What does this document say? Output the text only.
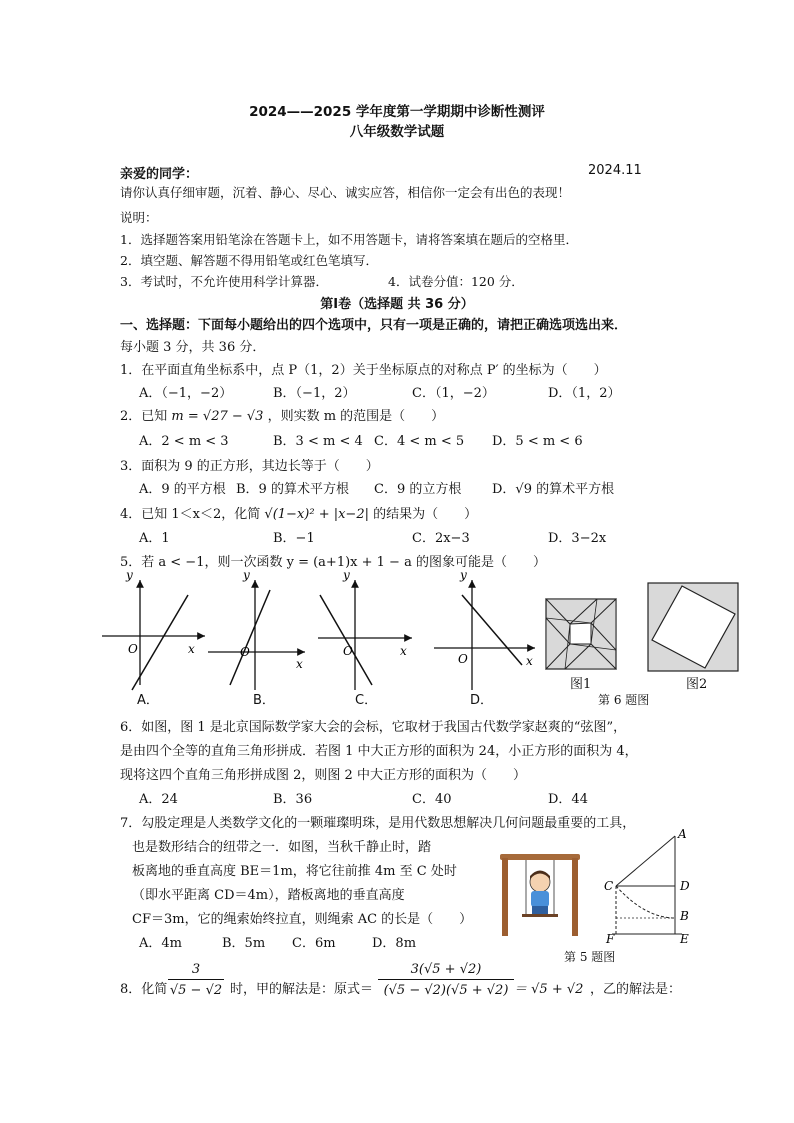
2024——2025 学年度第一学期期中诊断性测评
八年级数学试题
亲爱的同学：	2024.11
请你认真仔细审题，沉着、静心、尽心、诚实应答，相信你一定会有出色的表现！
说明：
1．选择题答案用铅笔涂在答题卡上，如不用答题卡，请将答案填在题后的空格里．
2．填空题、解答题不得用铅笔或红色笔填写．
3．考试时，不允许使用科学计算器．	4．试卷分值：120 分．
第Ⅰ卷（选择题 共 36 分）
一、选择题：下面每小题给出的四个选项中，只有一项是正确的，请把正确选项选出来．
每小题 3 分，共 36 分．
1．在平面直角坐标系中，点 P（1，2）关于坐标原点的对称点 P′ 的坐标为（　　）
A．（−1，−2）	B．（−1，2）	C．（1，−2）	D．（1，2）
2．已知 m = √27 − √3 ，则实数 m 的范围是（　　）
A．2 < m < 3	B．3 < m < 4 C．4 < m < 5 D．5 < m < 6
3．面积为 9 的正方形，其边长等于（　　）
A．9 的平方根 B．9 的算术平方根 C．9 的立方根 D．√9 的算术平方根
4．已知 1＜x＜2，化简 √(1−x)² + |x−2| 的结果为（　　）
A．1	B．−1	C．2x−3	D．3−2x
5．若 a < −1，则一次函数 y = (a+1)x + 1 − a 的图象可能是（　　）
y
x
O
y
x
O
y
x
O
y
x
O
A．	B．	C．	D．
图1	图2
第 6 题图
6．如图，图 1 是北京国际数学家大会的会标，它取材于我国古代数学家赵爽的“弦图”，
是由四个全等的直角三角形拼成．若图 1 中大正方形的面积为 24，小正方形的面积为 4，
现将这四个直角三角形拼成图 2，则图 2 中大正方形的面积为（　　）
A．24	B．36	C．40	D．44
7．勾股定理是人类数学文化的一颗璀璨明珠，是用代数思想解决几何问题最重要的工具，
也是数形结合的纽带之一．如图，当秋千静止时，踏
板离地的垂直高度 BE＝1m，将它往前推 4m 至 C 处时
（即水平距离 CD＝4m），踏板离地的垂直高度
CF＝3m，它的绳索始终拉直，则绳索 AC 的长是（　　）
A．4m	B．5m C．6m	D．8m
A
C	D
B
F	E
第 5 题图
8．化简 $\frac{3}{√5 - √2}$ 时，甲的解法是：原式＝ $\frac{3(√5 + √2)}{(√5 - √2)(√5 + √2)} = √5 + √2$ ，乙的解法是：
